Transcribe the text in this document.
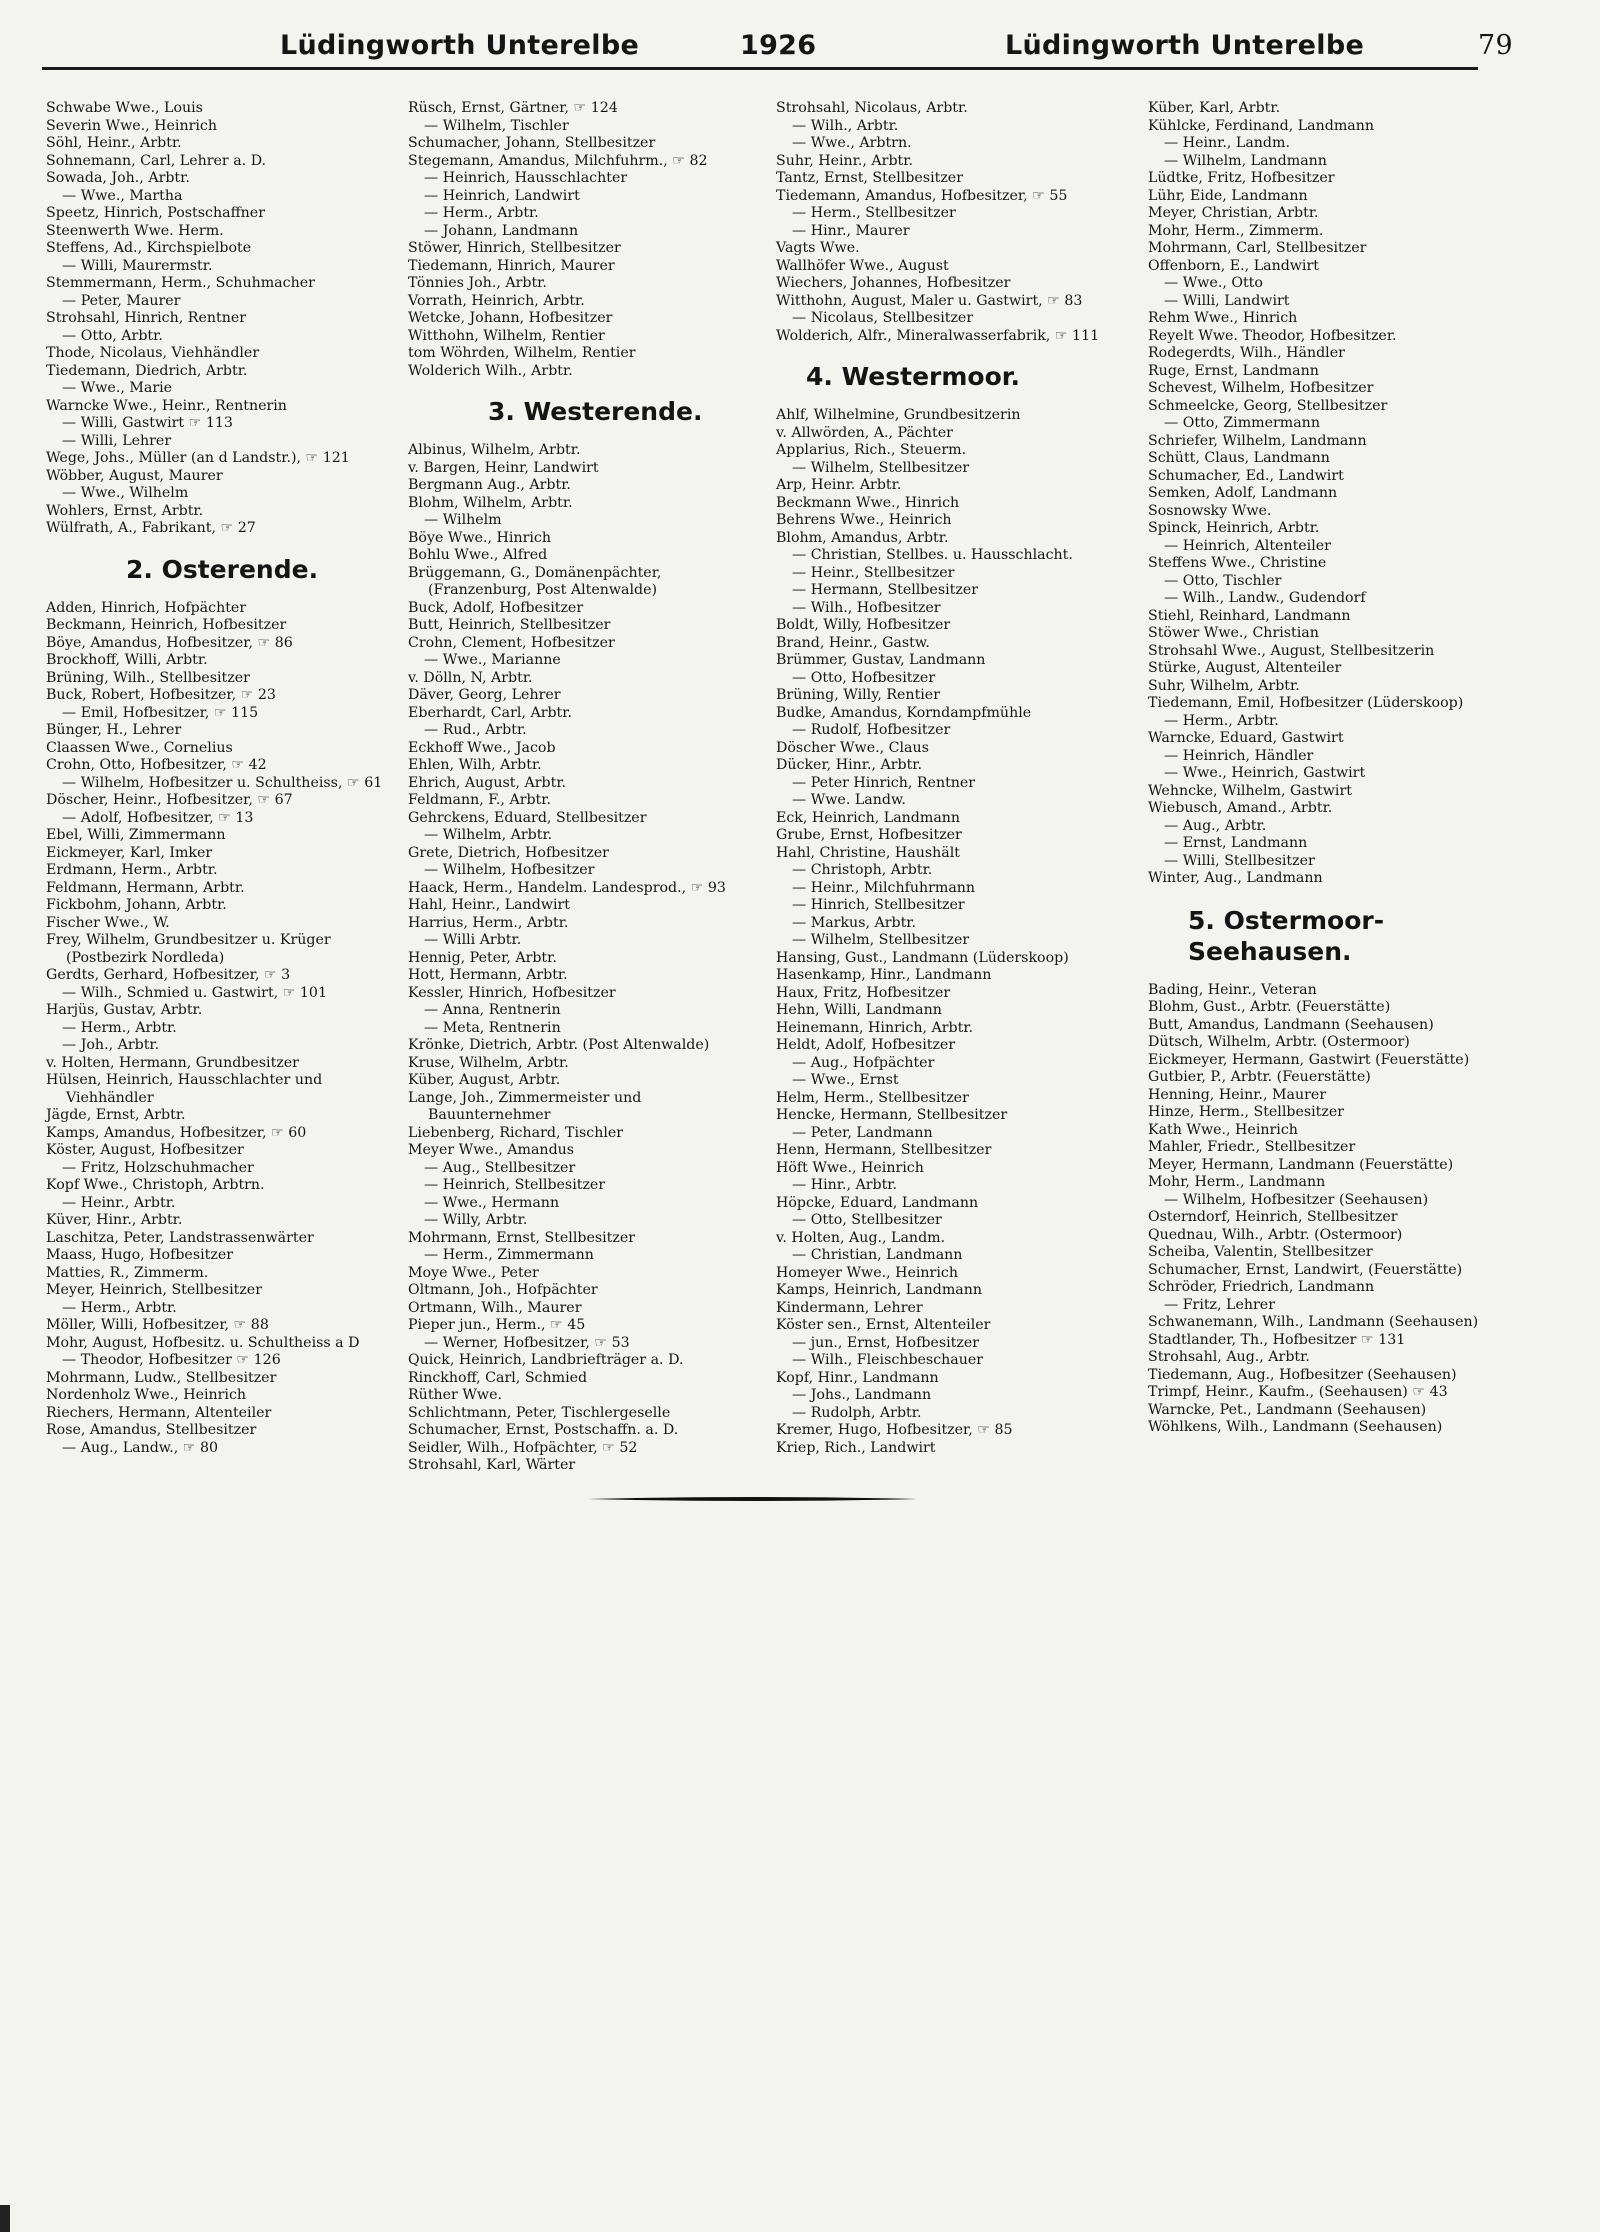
Lüdingworth Unterelbe	1926	Lüdingworth Unterelbe	79
Schwabe Wwe., Louis
Severin Wwe., Heinrich
Söhl, Heinr., Arbtr.
Sohnemann, Carl, Lehrer a. D.
Sowada, Joh., Arbtr.
— Wwe., Martha
Speetz, Hinrich, Postschaffner
Steenwerth Wwe. Herm.
Steffens, Ad., Kirchspielbote
— Willi, Maurermstr.
Stemmermann, Herm., Schuhmacher
— Peter, Maurer
Strohsahl, Hinrich, Rentner
— Otto, Arbtr.
Thode, Nicolaus, Viehhändler
Tiedemann, Diedrich, Arbtr.
— Wwe., Marie
Warncke Wwe., Heinr., Rentnerin
— Willi, Gastwirt ☞ 113
— Willi, Lehrer
Wege, Johs., Müller (an d Landstr.), ☞ 121
Wöbber, August, Maurer
— Wwe., Wilhelm
Wohlers, Ernst, Arbtr.
Wülfrath, A., Fabrikant, ☞ 27
2. Osterende.
Adden, Hinrich, Hofpächter
Beckmann, Heinrich, Hofbesitzer
Böye, Amandus, Hofbesitzer, ☞ 86
Brockhoff, Willi, Arbtr.
Brüning, Wilh., Stellbesitzer
Buck, Robert, Hofbesitzer, ☞ 23
— Emil, Hofbesitzer, ☞ 115
Bünger, H., Lehrer
Claassen Wwe., Cornelius
Crohn, Otto, Hofbesitzer, ☞ 42
— Wilhelm, Hofbesitzer u. Schultheiss, ☞ 61
Döscher, Heinr., Hofbesitzer, ☞ 67
— Adolf, Hofbesitzer, ☞ 13
Ebel, Willi, Zimmermann
Eickmeyer, Karl, Imker
Erdmann, Herm., Arbtr.
Feldmann, Hermann, Arbtr.
Fickbohm, Johann, Arbtr.
Fischer Wwe., W.
Frey, Wilhelm, Grundbesitzer u. Krüger (Postbezirk Nordleda)
Gerdts, Gerhard, Hofbesitzer, ☞ 3
— Wilh., Schmied u. Gastwirt, ☞ 101
Harjüs, Gustav, Arbtr.
— Herm., Arbtr.
— Joh., Arbtr.
v. Holten, Hermann, Grundbesitzer
Hülsen, Heinrich, Hausschlachter und Viehhändler
Jägde, Ernst, Arbtr.
Kamps, Amandus, Hofbesitzer, ☞ 60
Köster, August, Hofbesitzer
— Fritz, Holzschuhmacher
Kopf Wwe., Christoph, Arbtrn.
— Heinr., Arbtr.
Küver, Hinr., Arbtr.
Laschitza, Peter, Landstrassenwärter
Maass, Hugo, Hofbesitzer
Matties, R., Zimmerm.
Meyer, Heinrich, Stellbesitzer
— Herm., Arbtr.
Möller, Willi, Hofbesitzer, ☞ 88
Mohr, August, Hofbesitz. u. Schultheiss a D
— Theodor, Hofbesitzer ☞ 126
Mohrmann, Ludw., Stellbesitzer
Nordenholz Wwe., Heinrich
Riechers, Hermann, Altenteiler
Rose, Amandus, Stellbesitzer
— Aug., Landw., ☞ 80
Rüsch, Ernst, Gärtner, ☞ 124
— Wilhelm, Tischler
Schumacher, Johann, Stellbesitzer
Stegemann, Amandus, Milchfuhrm., ☞ 82
— Heinrich, Hausschlachter
— Heinrich, Landwirt
— Herm., Arbtr.
— Johann, Landmann
Stöwer, Hinrich, Stellbesitzer
Tiedemann, Hinrich, Maurer
Tönnies Joh., Arbtr.
Vorrath, Heinrich, Arbtr.
Wetcke, Johann, Hofbesitzer
Witthohn, Wilhelm, Rentier
tom Wöhrden, Wilhelm, Rentier
Wolderich Wilh., Arbtr.
3. Westerende.
Albinus, Wilhelm, Arbtr.
v. Bargen, Heinr, Landwirt
Bergmann Aug., Arbtr.
Blohm, Wilhelm, Arbtr.
— Wilhelm
Böye Wwe., Hinrich
Bohlu Wwe., Alfred
Brüggemann, G., Domänenpächter, (Franzenburg, Post Altenwalde)
Buck, Adolf, Hofbesitzer
Butt, Heinrich, Stellbesitzer
Crohn, Clement, Hofbesitzer
— Wwe., Marianne
v. Dölln, N, Arbtr.
Däver, Georg, Lehrer
Eberhardt, Carl, Arbtr.
— Rud., Arbtr.
Eckhoff Wwe., Jacob
Ehlen, Wilh, Arbtr.
Ehrich, August, Arbtr.
Feldmann, F., Arbtr.
Gehrckens, Eduard, Stellbesitzer
— Wilhelm, Arbtr.
Grete, Dietrich, Hofbesitzer
— Wilhelm, Hofbesitzer
Haack, Herm., Handelm. Landesprod., ☞ 93
Hahl, Heinr., Landwirt
Harrius, Herm., Arbtr.
— Willi Arbtr.
Hennig, Peter, Arbtr.
Hott, Hermann, Arbtr.
Kessler, Hinrich, Hofbesitzer
— Anna, Rentnerin
— Meta, Rentnerin
Krönke, Dietrich, Arbtr. (Post Altenwalde)
Kruse, Wilhelm, Arbtr.
Küber, August, Arbtr.
Lange, Joh., Zimmermeister und Bauunternehmer
Liebenberg, Richard, Tischler
Meyer Wwe., Amandus
— Aug., Stellbesitzer
— Heinrich, Stellbesitzer
— Wwe., Hermann
— Willy, Arbtr.
Mohrmann, Ernst, Stellbesitzer
— Herm., Zimmermann
Moye Wwe., Peter
Oltmann, Joh., Hofpächter
Ortmann, Wilh., Maurer
Pieper jun., Herm., ☞ 45
— Werner, Hofbesitzer, ☞ 53
Quick, Heinrich, Landbriefträger a. D.
Rinckhoff, Carl, Schmied
Rüther Wwe.
Schlichtmann, Peter, Tischlergeselle
Schumacher, Ernst, Postschaffn. a. D.
Seidler, Wilh., Hofpächter, ☞ 52
Strohsahl, Karl, Wärter
Strohsahl, Nicolaus, Arbtr.
— Wilh., Arbtr.
— Wwe., Arbtrn.
Suhr, Heinr., Arbtr.
Tantz, Ernst, Stellbesitzer
Tiedemann, Amandus, Hofbesitzer, ☞ 55
— Herm., Stellbesitzer
— Hinr., Maurer
Vagts Wwe.
Wallhöfer Wwe., August
Wiechers, Johannes, Hofbesitzer
Witthohn, August, Maler u. Gastwirt, ☞ 83
— Nicolaus, Stellbesitzer
Wolderich, Alfr., Mineralwasserfabrik, ☞ 111
4. Westermoor.
Ahlf, Wilhelmine, Grundbesitzerin
v. Allwörden, A., Pächter
Applarius, Rich., Steuerm.
— Wilhelm, Stellbesitzer
Arp, Heinr. Arbtr.
Beckmann Wwe., Hinrich
Behrens Wwe., Heinrich
Blohm, Amandus, Arbtr.
— Christian, Stellbes. u. Hausschlacht.
— Heinr., Stellbesitzer
— Hermann, Stellbesitzer
— Wilh., Hofbesitzer
Boldt, Willy, Hofbesitzer
Brand, Heinr., Gastw.
Brümmer, Gustav, Landmann
— Otto, Hofbesitzer
Brüning, Willy, Rentier
Budke, Amandus, Korndampfmühle
— Rudolf, Hofbesitzer
Döscher Wwe., Claus
Dücker, Hinr., Arbtr.
— Peter Hinrich, Rentner
— Wwe. Landw.
Eck, Heinrich, Landmann
Grube, Ernst, Hofbesitzer
Hahl, Christine, Haushält
— Christoph, Arbtr.
— Heinr., Milchfuhrmann
— Hinrich, Stellbesitzer
— Markus, Arbtr.
— Wilhelm, Stellbesitzer
Hansing, Gust., Landmann (Lüderskoop)
Hasenkamp, Hinr., Landmann
Haux, Fritz, Hofbesitzer
Hehn, Willi, Landmann
Heinemann, Hinrich, Arbtr.
Heldt, Adolf, Hofbesitzer
— Aug., Hofpächter
— Wwe., Ernst
Helm, Herm., Stellbesitzer
Hencke, Hermann, Stellbesitzer
— Peter, Landmann
Henn, Hermann, Stellbesitzer
Höft Wwe., Heinrich
— Hinr., Arbtr.
Höpcke, Eduard, Landmann
— Otto, Stellbesitzer
v. Holten, Aug., Landm.
— Christian, Landmann
Homeyer Wwe., Heinrich
Kamps, Heinrich, Landmann
Kindermann, Lehrer
Köster sen., Ernst, Altenteiler
— jun., Ernst, Hofbesitzer
— Wilh., Fleischbeschauer
Kopf, Hinr., Landmann
— Johs., Landmann
— Rudolph, Arbtr.
Kremer, Hugo, Hofbesitzer, ☞ 85
Kriep, Rich., Landwirt
Küber, Karl, Arbtr.
Kühlcke, Ferdinand, Landmann
— Heinr., Landm.
— Wilhelm, Landmann
Lüdtke, Fritz, Hofbesitzer
Lühr, Eide, Landmann
Meyer, Christian, Arbtr.
Mohr, Herm., Zimmerm.
Mohrmann, Carl, Stellbesitzer
Offenborn, E., Landwirt
— Wwe., Otto
— Willi, Landwirt
Rehm Wwe., Hinrich
Reyelt Wwe. Theodor, Hofbesitzer.
Rodegerdts, Wilh., Händler
Ruge, Ernst, Landmann
Schevest, Wilhelm, Hofbesitzer
Schmeelcke, Georg, Stellbesitzer
— Otto, Zimmermann
Schriefer, Wilhelm, Landmann
Schütt, Claus, Landmann
Schumacher, Ed., Landwirt
Semken, Adolf, Landmann
Sosnowsky Wwe.
Spinck, Heinrich, Arbtr.
— Heinrich, Altenteiler
Steffens Wwe., Christine
— Otto, Tischler
— Wilh., Landw., Gudendorf
Stiehl, Reinhard, Landmann
Stöwer Wwe., Christian
Strohsahl Wwe., August, Stellbesitzerin
Stürke, August, Altenteiler
Suhr, Wilhelm, Arbtr.
Tiedemann, Emil, Hofbesitzer (Lüderskoop)
— Herm., Arbtr.
Warncke, Eduard, Gastwirt
— Heinrich, Händler
— Wwe., Heinrich, Gastwirt
Wehncke, Wilhelm, Gastwirt
Wiebusch, Amand., Arbtr.
— Aug., Arbtr.
— Ernst, Landmann
— Willi, Stellbesitzer
Winter, Aug., Landmann
5. Ostermoor-Seehausen.
Bading, Heinr., Veteran
Blohm, Gust., Arbtr. (Feuerstätte)
Butt, Amandus, Landmann (Seehausen)
Dütsch, Wilhelm, Arbtr. (Ostermoor)
Eickmeyer, Hermann, Gastwirt (Feuerstätte)
Gutbier, P., Arbtr. (Feuerstätte)
Henning, Heinr., Maurer
Hinze, Herm., Stellbesitzer
Kath Wwe., Heinrich
Mahler, Friedr., Stellbesitzer
Meyer, Hermann, Landmann (Feuerstätte)
Mohr, Herm., Landmann
— Wilhelm, Hofbesitzer (Seehausen)
Osterndorf, Heinrich, Stellbesitzer
Quednau, Wilh., Arbtr. (Ostermoor)
Scheiba, Valentin, Stellbesitzer
Schumacher, Ernst, Landwirt, (Feuerstätte)
Schröder, Friedrich, Landmann
— Fritz, Lehrer
Schwanemann, Wilh., Landmann (Seehausen)
Stadtlander, Th., Hofbesitzer ☞ 131
Strohsahl, Aug., Arbtr.
Tiedemann, Aug., Hofbesitzer (Seehausen)
Trimpf, Heinr., Kaufm., (Seehausen) ☞ 43
Warncke, Pet., Landmann (Seehausen)
Wöhlkens, Wilh., Landmann (Seehausen)
